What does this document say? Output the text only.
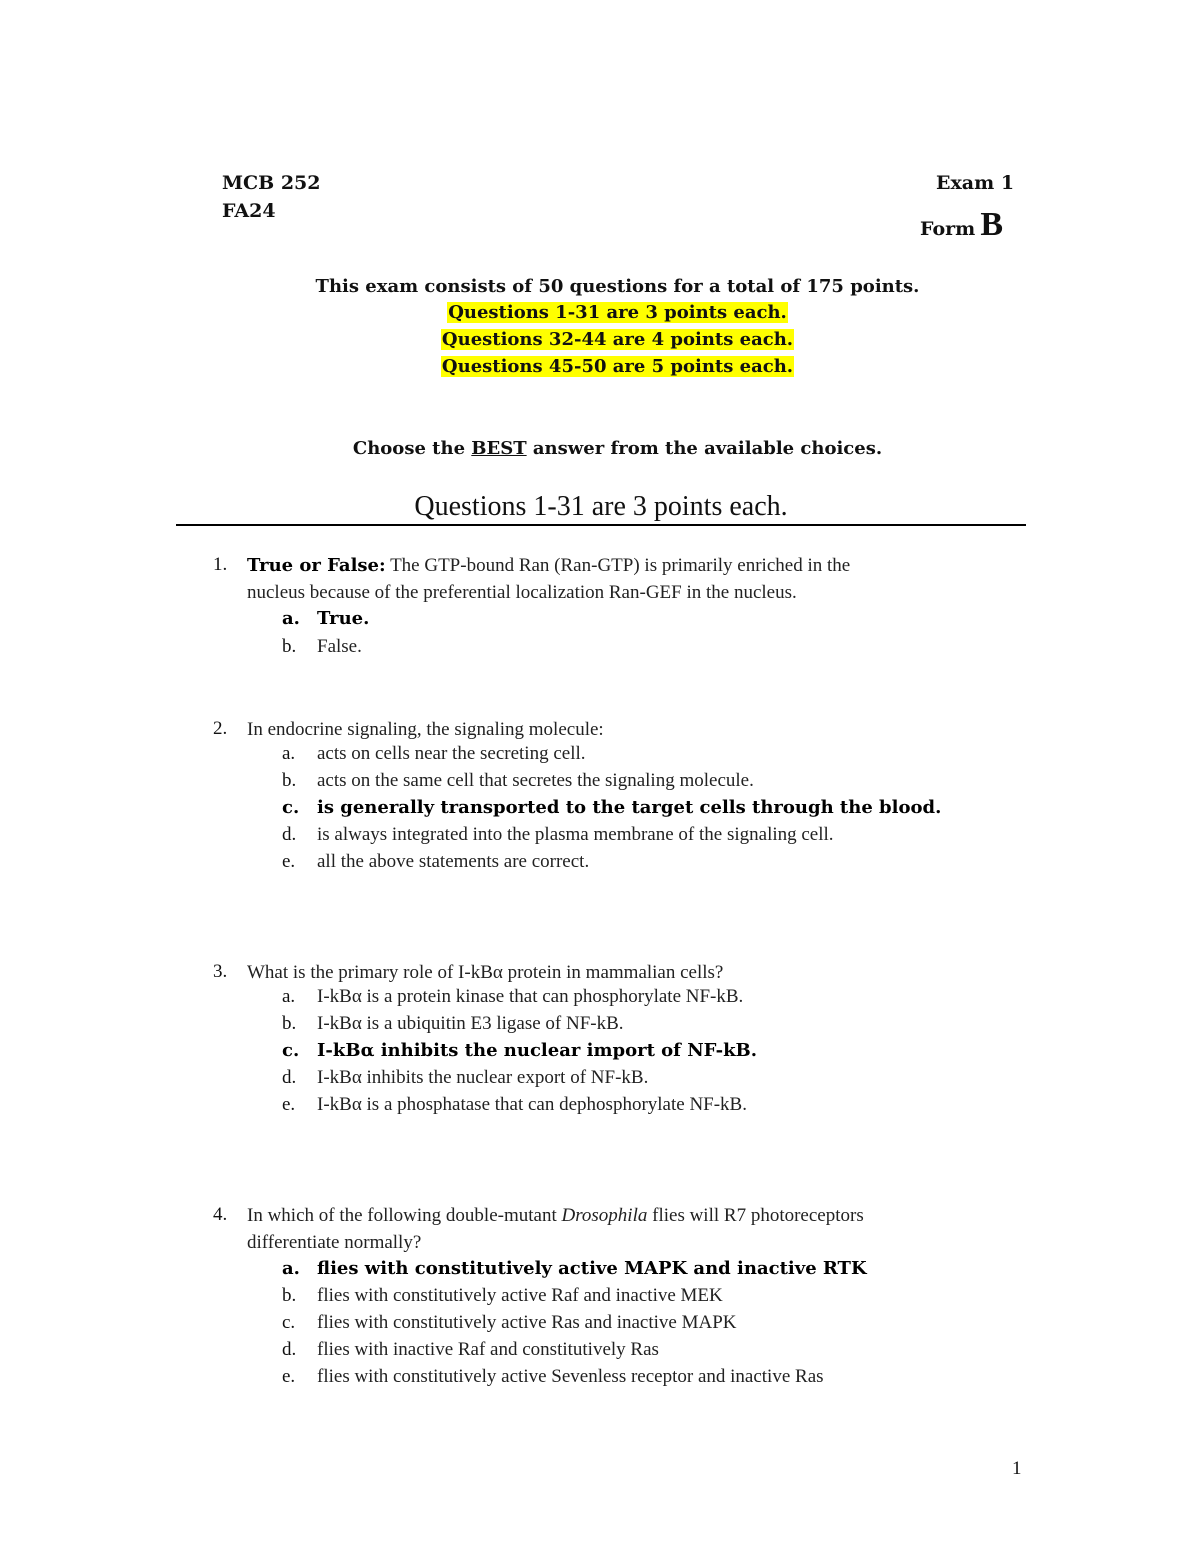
MCB 252
FA24
Exam 1
Form B
This exam consists of 50 questions for a total of 175 points.
Questions 1-31 are 3 points each.
Questions 32-44 are 4 points each.
Questions 45-50 are 5 points each.
Choose the BEST answer from the available choices.
Questions 1-31 are 3 points each.
1. True or False: The GTP-bound Ran (Ran-GTP) is primarily enriched in the
nucleus because of the preferential localization Ran-GEF in the nucleus.
a. True.
b.	False.
2. In endocrine signaling, the signaling molecule:
a.	acts on cells near the secreting cell.
b.	acts on the same cell that secretes the signaling molecule.
c. is generally transported to the target cells through the blood.
d.	is always integrated into the plasma membrane of the signaling cell.
e.	all the above statements are correct.
3. What is the primary role of I-kBα protein in mammalian cells?
a.	I-kBα is a protein kinase that can phosphorylate NF-kB.
b.	I-kBα is a ubiquitin E3 ligase of NF-kB.
c. I-kBα inhibits the nuclear import of NF-kB.
d.	I-kBα inhibits the nuclear export of NF-kB.
e.	I-kBα is a phosphatase that can dephosphorylate NF-kB.
4. In which of the following double-mutant Drosophila flies will R7 photoreceptors
differentiate normally?
a. flies with constitutively active MAPK and inactive RTK
b.	flies with constitutively active Raf and inactive MEK
c.	flies with constitutively active Ras and inactive MAPK
d.	flies with inactive Raf and constitutively Ras
e.	flies with constitutively active Sevenless receptor and inactive Ras
1
